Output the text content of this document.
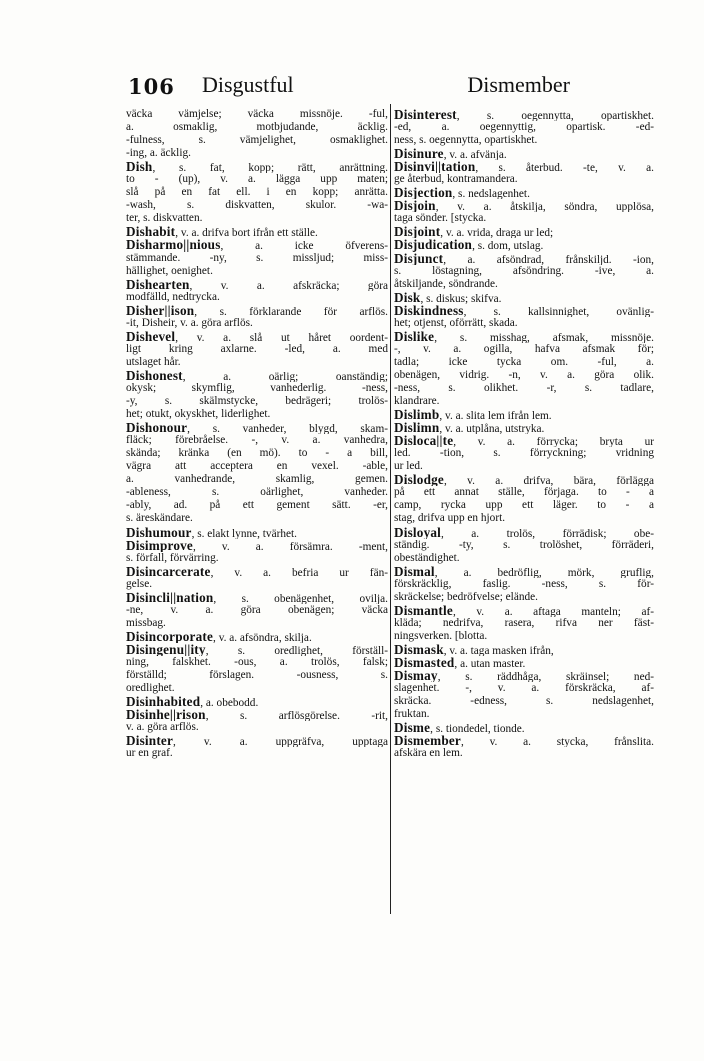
106 Disgustful	Dismember
väcka vämjelse; väcka missnöje. -ful,
a. osmaklig, motbjudande, äcklig.
-fulness, s. vämjelighet, osmaklighet.
-ing, a. äcklig.
Dish, s. fat, kopp; rätt, anrättning.
to - (up), v. a. lägga upp maten;
slå på en fat ell. i en kopp; anrätta.
-wash, s. diskvatten, skulor. -wa-
ter, s. diskvatten.
Dishabit, v. a. drifva bort ifrån ett ställe.
Disharmo||nious, a. icke öfverens-
stämmande. -ny, s. missljud; miss-
hällighet, oenighet.
Dishearten, v. a. afskräcka; göra
modfälld, nedtrycka.
Disher||ison, s. förklarande för arflös.
-it, Disheir, v. a. göra arflös.
Dishevel, v. a. slå ut håret oordent-
ligt kring axlarne. -led, a. med
utslaget hår.
Dishonest, a. oärlig; oanständig;
okysk; skymflig, vanhederlig. -ness,
-y, s. skälmstycke, bedrägeri; trolös-
het; otukt, okyskhet, liderlighet.
Dishonour, s. vanheder, blygd, skam-
fläck; förebråelse. -, v. a. vanhedra,
skända; kränka (en mö). to - a bill,
vägra att acceptera en vexel. -able,
a. vanhedrande, skamlig, gemen.
-ableness, s. oärlighet, vanheder.
-ably, ad. på ett gement sätt. -er,
s. äreskändare.
Dishumour, s. elakt lynne, tvärhet.
Disimprove, v. a. försämra. -ment,
s. förfall, förvärring.
Disincarcerate, v. a. befria ur fän-
gelse.
Disincli||nation, s. obenägenhet, ovilja.
-ne, v. a. göra obenägen; väcka
missbag.
Disincorporate, v. a. afsöndra, skilja.
Disingenu||ity, s. oredlighet, förställ-
ning, falskhet. -ous, a. trolös, falsk;
förställd; förslagen. -ousness, s.
oredlighet.
Disinhabited, a. obebodd.
Disinhe||rison, s. arflösgörelse. -rit,
v. a. göra arflös.
Disinter, v. a. uppgräfva, upptaga
ur en graf.
Disinterest, s. oegennytta, opartiskhet.
-ed, a. oegennyttig, opartisk. -ed-
ness, s. oegennytta, opartiskhet.
Disinure, v. a. afvänja.
Disinvi||tation, s. återbud. -te, v. a.
ge återbud, kontramandera.
Disjection, s. nedslagenhet.
Disjoin, v. a. åtskilja, söndra, upplösa,
taga sönder. [stycka.
Disjoint, v. a. vrida, draga ur led;
Disjudication, s. dom, utslag.
Disjunct, a. afsöndrad, frånskiljd. -ion,
s. löstagning, afsöndring. -ive, a.
åtskiljande, söndrande.
Disk, s. diskus; skifva.
Diskindness, s. kallsinnighet, ovänlig-
het; otjenst, oförrätt, skada.
Dislike, s. misshag, afsmak, missnöje.
-, v. a. ogilla, hafva afsmak för;
tadla; icke tycka om. -ful, a.
obenägen, vidrig. -n, v. a. göra olik.
-ness, s. olikhet. -r, s. tadlare,
klandrare.
Dislimb, v. a. slita lem ifrån lem.
Dislimn, v. a. utplåna, utstryka.
Disloca||te, v. a. förrycka; bryta ur
led. -tion, s. förryckning; vridning
ur led.
Dislodge, v. a. drifva, bära, förlägga
på ett annat ställe, förjaga. to - a
camp, rycka upp ett läger. to - a
stag, drifva upp en hjort.
Disloyal, a. trolös, förrädisk; obe-
ständig. -ty, s. trolöshet, förräderi,
obeständighet.
Dismal, a. bedröflig, mörk, gruflig,
förskräcklig, faslig. -ness, s. för-
skräckelse; bedröfvelse; elände.
Dismantle, v. a. aftaga manteln; af-
kläda; nedrifva, rasera, rifva ner fäst-
ningsverken. [blotta.
Dismask, v. a. taga masken ifrån,
Dismasted, a. utan master.
Dismay, s. räddhåga, skräinsel; ned-
slagenhet. -, v. a. förskräcka, af-
skräcka. -edness, s. nedslagenhet,
fruktan.
Disme, s. tiondedel, tionde.
Dismember, v. a. stycka, frånslita.
afskära en lem.
